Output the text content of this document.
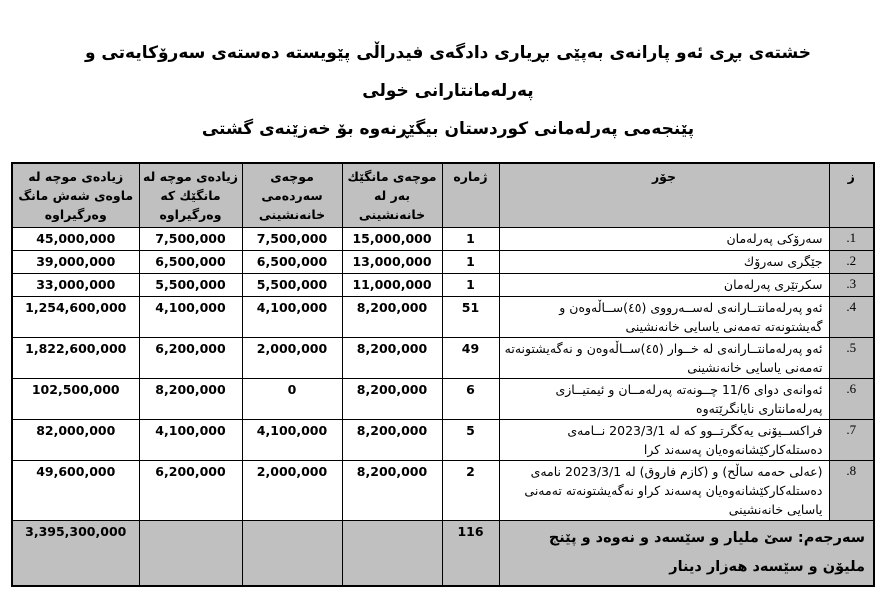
خشتەی بڕی ئەو پارانەی بەپێی بڕیاری دادگەی فیدراڵی پێویستە دەستەی سەرۆكایەتی و پەرلەمانتارانی خولی
پێنجەمی پەرلەمانی كوردستان بیگێڕنەوە بۆ خەزێنەی گشتی
ز	جۆر	ژمارە	موچەی مانگێك بەر لە خانەنشینی	موچەی سەردەمی خانەنشینی	زیادەی موچە لە مانگێك كە وەرگیراوە	زیادەی موچە لە ماوەی شەش مانگ وەرگیراوە
1.	سەرۆكی پەرلەمان	1	15,000,000	7,500,000	7,500,000	45,000,000
2.	جێگری سەرۆك	1	13,000,000	6,500,000	6,500,000	39,000,000
3.	سكرتێری پەرلەمان	1	11,000,000	5,500,000	5,500,000	33,000,000
4.	ئەو پەرلەمانتــارانەی لەســەرووی (٤٥)ســاڵەوەن و گەیشتونەتە تەمەنی یاسایی خانەنشینی	51	8,200,000	4,100,000	4,100,000	1,254,600,000
5.	ئەو پەرلەمانتــارانەی لە خــوار (٤٥)ســاڵەوەن و نەگەیشتونەتە تەمەنی یاسایی خانەنشینی	49	8,200,000	2,000,000	6,200,000	1,822,600,000
6.	ئەوانەی دوای 11/6 چــونەتە پەرلەمــان و ئیمتیــازی پەرلەمانتاری نایانگرێتەوە	6	8,200,000	0	8,200,000	102,500,000
7.	فراكســیۆنی یەكگرتــوو كە لە 2023/3/1 نــامەی دەستلەكاركێشانەوەیان پەسەند كرا	5	8,200,000	4,100,000	4,100,000	82,000,000
8.	(عەلی حەمە ساڵح) و (كازم فاروق) لە 2023/3/1 نامەی دەستلەكاركێشانەوەیان پەسەند كراو نەگەیشتونەتە تەمەنی یاسایی خانەنشینی	2	8,200,000	2,000,000	6,200,000	49,600,000
سەرجەم: سێ ملیار و سێسەد و نەوەد و پێنج ملیۆن و سێسەد هەزار دینار		116				3,395,300,000
